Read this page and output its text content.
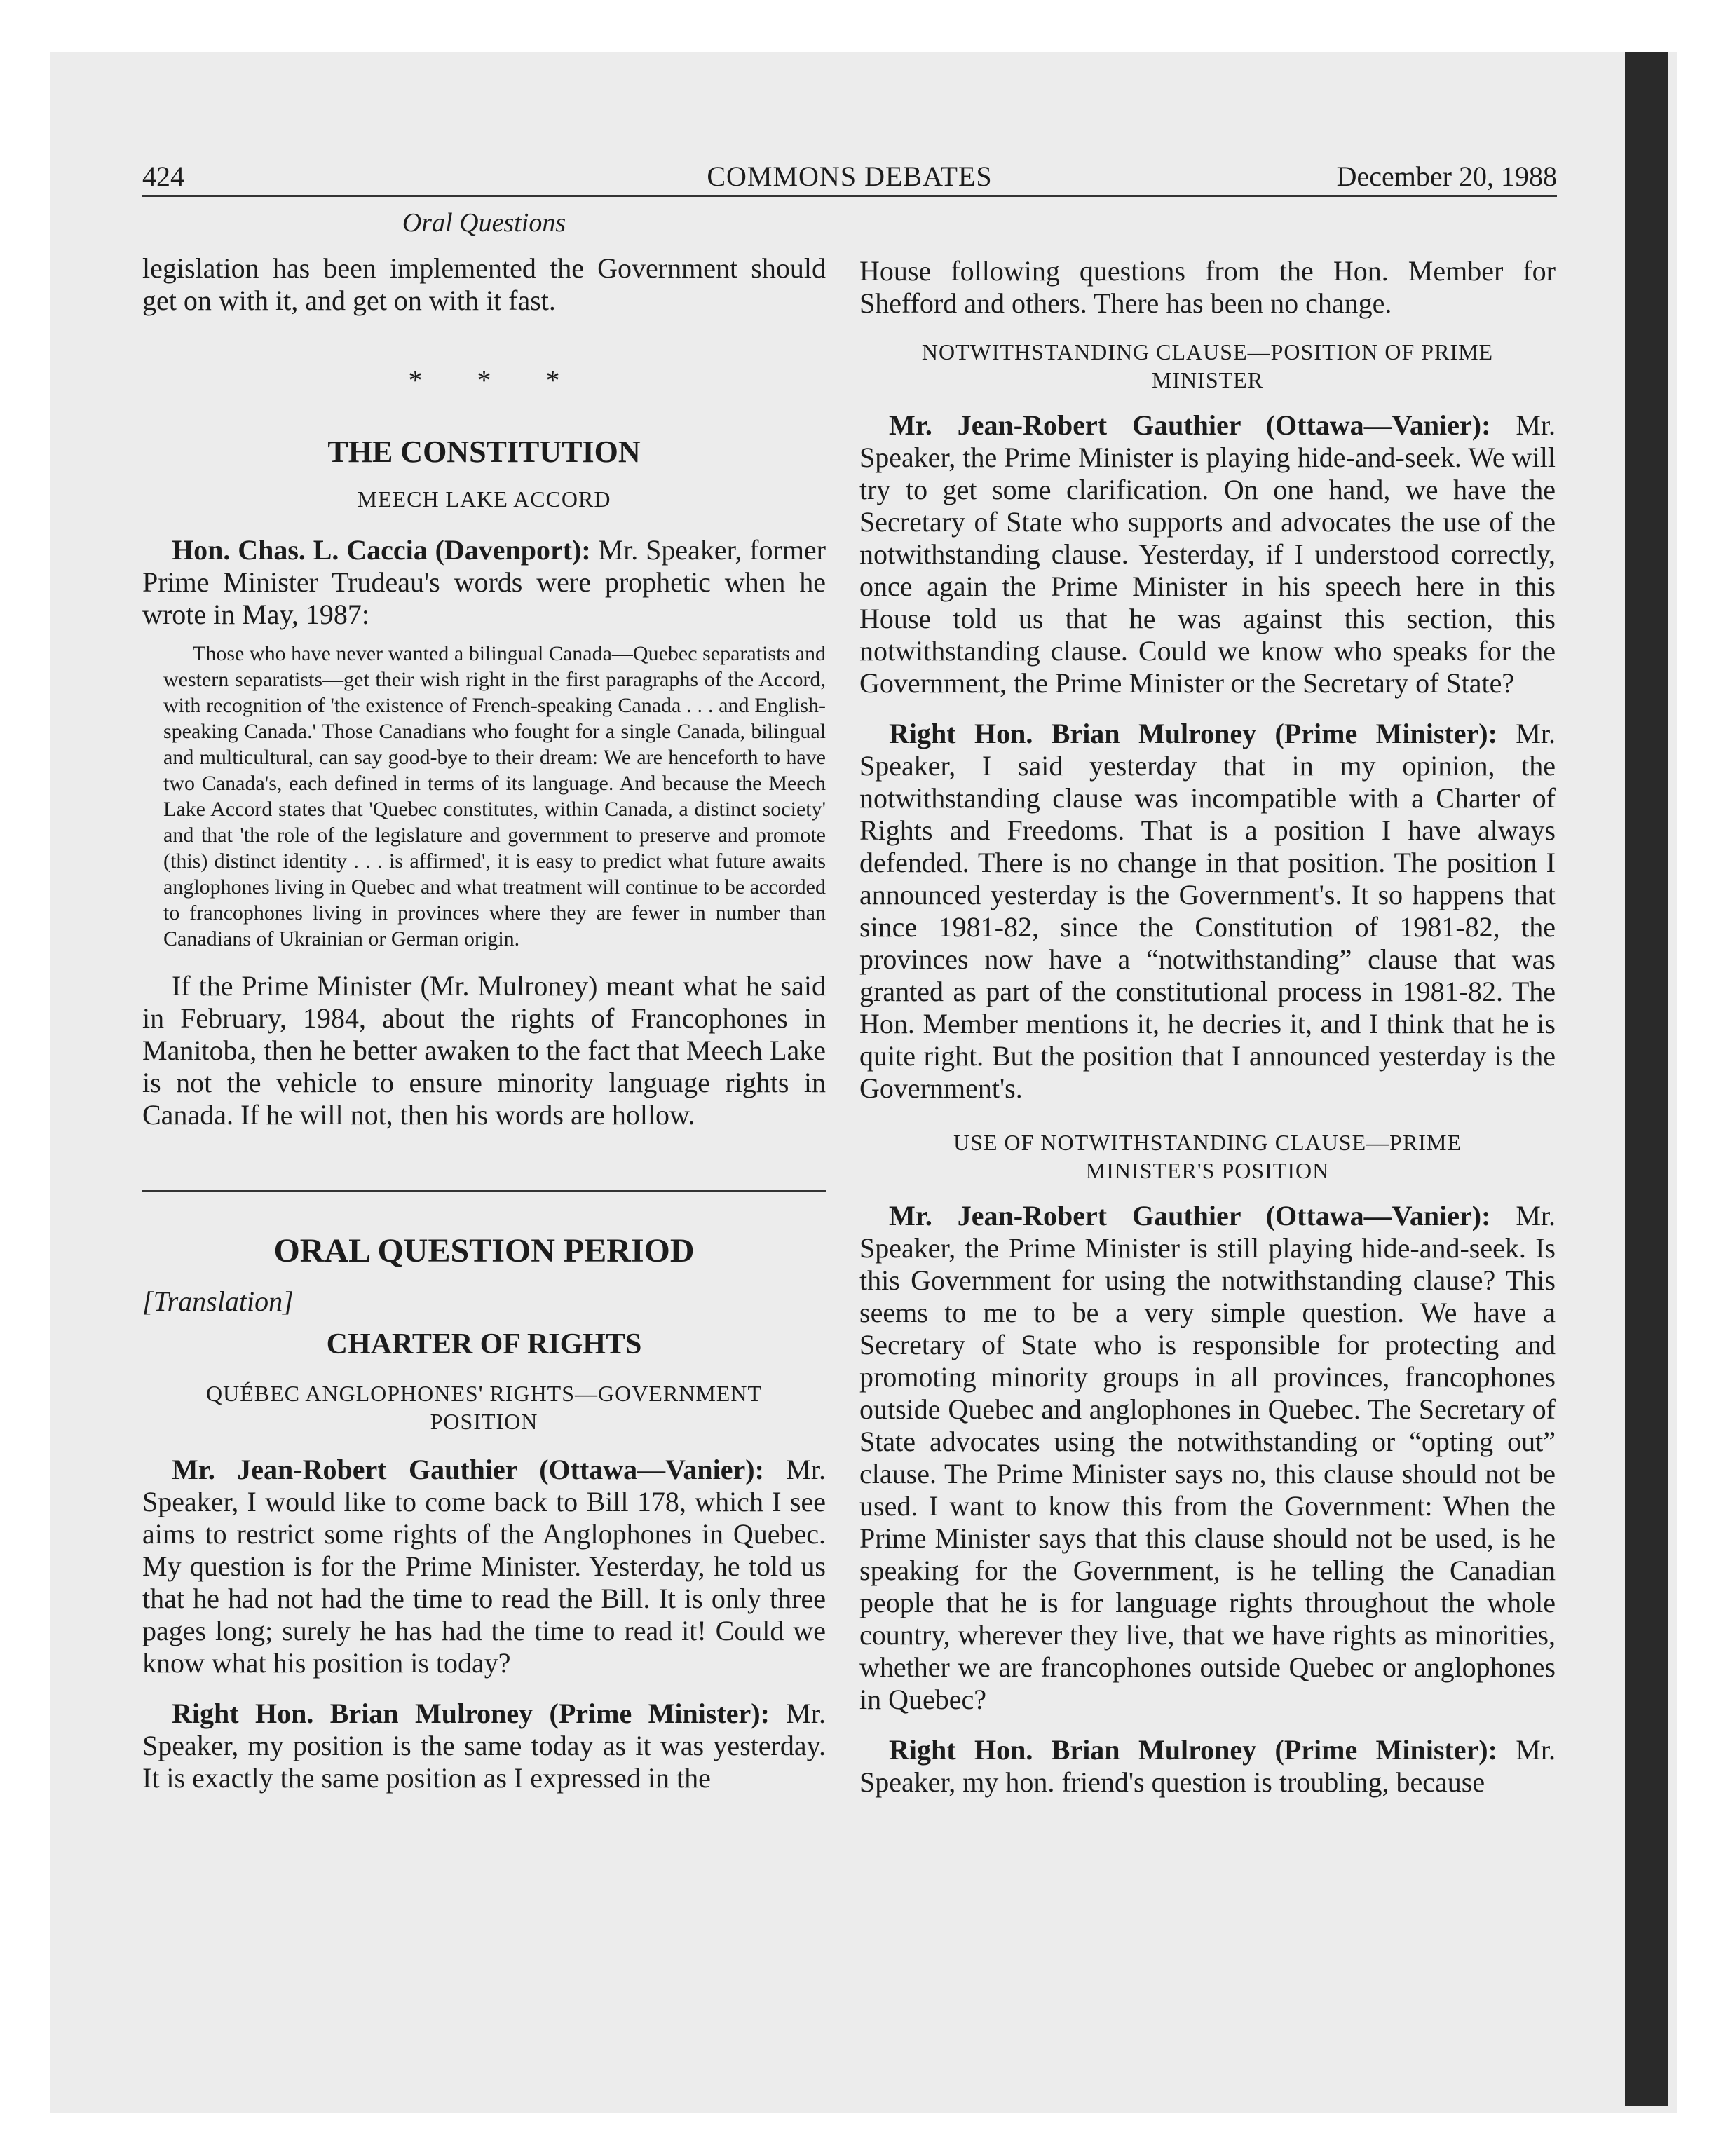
424	COMMONS DEBATES	December 20, 1988
Oral Questions

legislation has been implemented the Government should get on with it, and get on with it fast.

* * *
THE CONSTITUTION
MEECH LAKE ACCORD

Hon. Chas. L. Caccia (Davenport): Mr. Speaker, former Prime Minister Trudeau's words were prophetic when he wrote in May, 1987:

Those who have never wanted a bilingual Canada—Quebec separatists and western separatists—get their wish right in the first paragraphs of the Accord, with recognition of 'the existence of French-speaking Canada . . . and English-speaking Canada.' Those Canadians who fought for a single Canada, bilingual and multicultural, can say good-bye to their dream: We are henceforth to have two Canada's, each defined in terms of its language. And because the Meech Lake Accord states that 'Quebec constitutes, within Canada, a distinct society' and that 'the role of the legislature and government to preserve and promote (this) distinct identity . . . is affirmed', it is easy to predict what future awaits anglophones living in Quebec and what treatment will continue to be accorded to francophones living in provinces where they are fewer in number than Canadians of Ukrainian or German origin.

If the Prime Minister (Mr. Mulroney) meant what he said in February, 1984, about the rights of Francophones in Manitoba, then he better awaken to the fact that Meech Lake is not the vehicle to ensure minority language rights in Canada. If he will not, then his words are hollow.

ORAL QUESTION PERIOD
[Translation]
CHARTER OF RIGHTS
QUÉBEC ANGLOPHONES' RIGHTS—GOVERNMENT POSITION

Mr. Jean-Robert Gauthier (Ottawa—Vanier): Mr. Speaker, I would like to come back to Bill 178, which I see aims to restrict some rights of the Anglophones in Quebec. My question is for the Prime Minister. Yesterday, he told us that he had not had the time to read the Bill. It is only three pages long; surely he has had the time to read it! Could we know what his position is today?

Right Hon. Brian Mulroney (Prime Minister): Mr. Speaker, my position is the same today as it was yesterday. It is exactly the same position as I expressed in the

House following questions from the Hon. Member for Shefford and others. There has been no change.

NOTWITHSTANDING CLAUSE—POSITION OF PRIME MINISTER

Mr. Jean-Robert Gauthier (Ottawa—Vanier): Mr. Speaker, the Prime Minister is playing hide-and-seek. We will try to get some clarification. On one hand, we have the Secretary of State who supports and advocates the use of the notwithstanding clause. Yesterday, if I understood correctly, once again the Prime Minister in his speech here in this House told us that he was against this section, this notwithstanding clause. Could we know who speaks for the Government, the Prime Minister or the Secretary of State?

Right Hon. Brian Mulroney (Prime Minister): Mr. Speaker, I said yesterday that in my opinion, the notwithstanding clause was incompatible with a Charter of Rights and Freedoms. That is a position I have always defended. There is no change in that position. The position I announced yesterday is the Government's. It so happens that since 1981-82, since the Constitution of 1981-82, the provinces now have a “notwithstanding” clause that was granted as part of the constitutional process in 1981-82. The Hon. Member mentions it, he decries it, and I think that he is quite right. But the position that I announced yesterday is the Government's.

USE OF NOTWITHSTANDING CLAUSE—PRIME MINISTER'S POSITION

Mr. Jean-Robert Gauthier (Ottawa—Vanier): Mr. Speaker, the Prime Minister is still playing hide-and-seek. Is this Government for using the notwithstanding clause? This seems to me to be a very simple question. We have a Secretary of State who is responsible for protecting and promoting minority groups in all provinces, francophones outside Quebec and anglophones in Quebec. The Secretary of State advocates using the notwithstanding or “opting out” clause. The Prime Minister says no, this clause should not be used. I want to know this from the Government: When the Prime Minister says that this clause should not be used, is he speaking for the Government, is he telling the Canadian people that he is for language rights throughout the whole country, wherever they live, that we have rights as minorities, whether we are francophones outside Quebec or anglophones in Quebec?

Right Hon. Brian Mulroney (Prime Minister): Mr. Speaker, my hon. friend's question is troubling, because
